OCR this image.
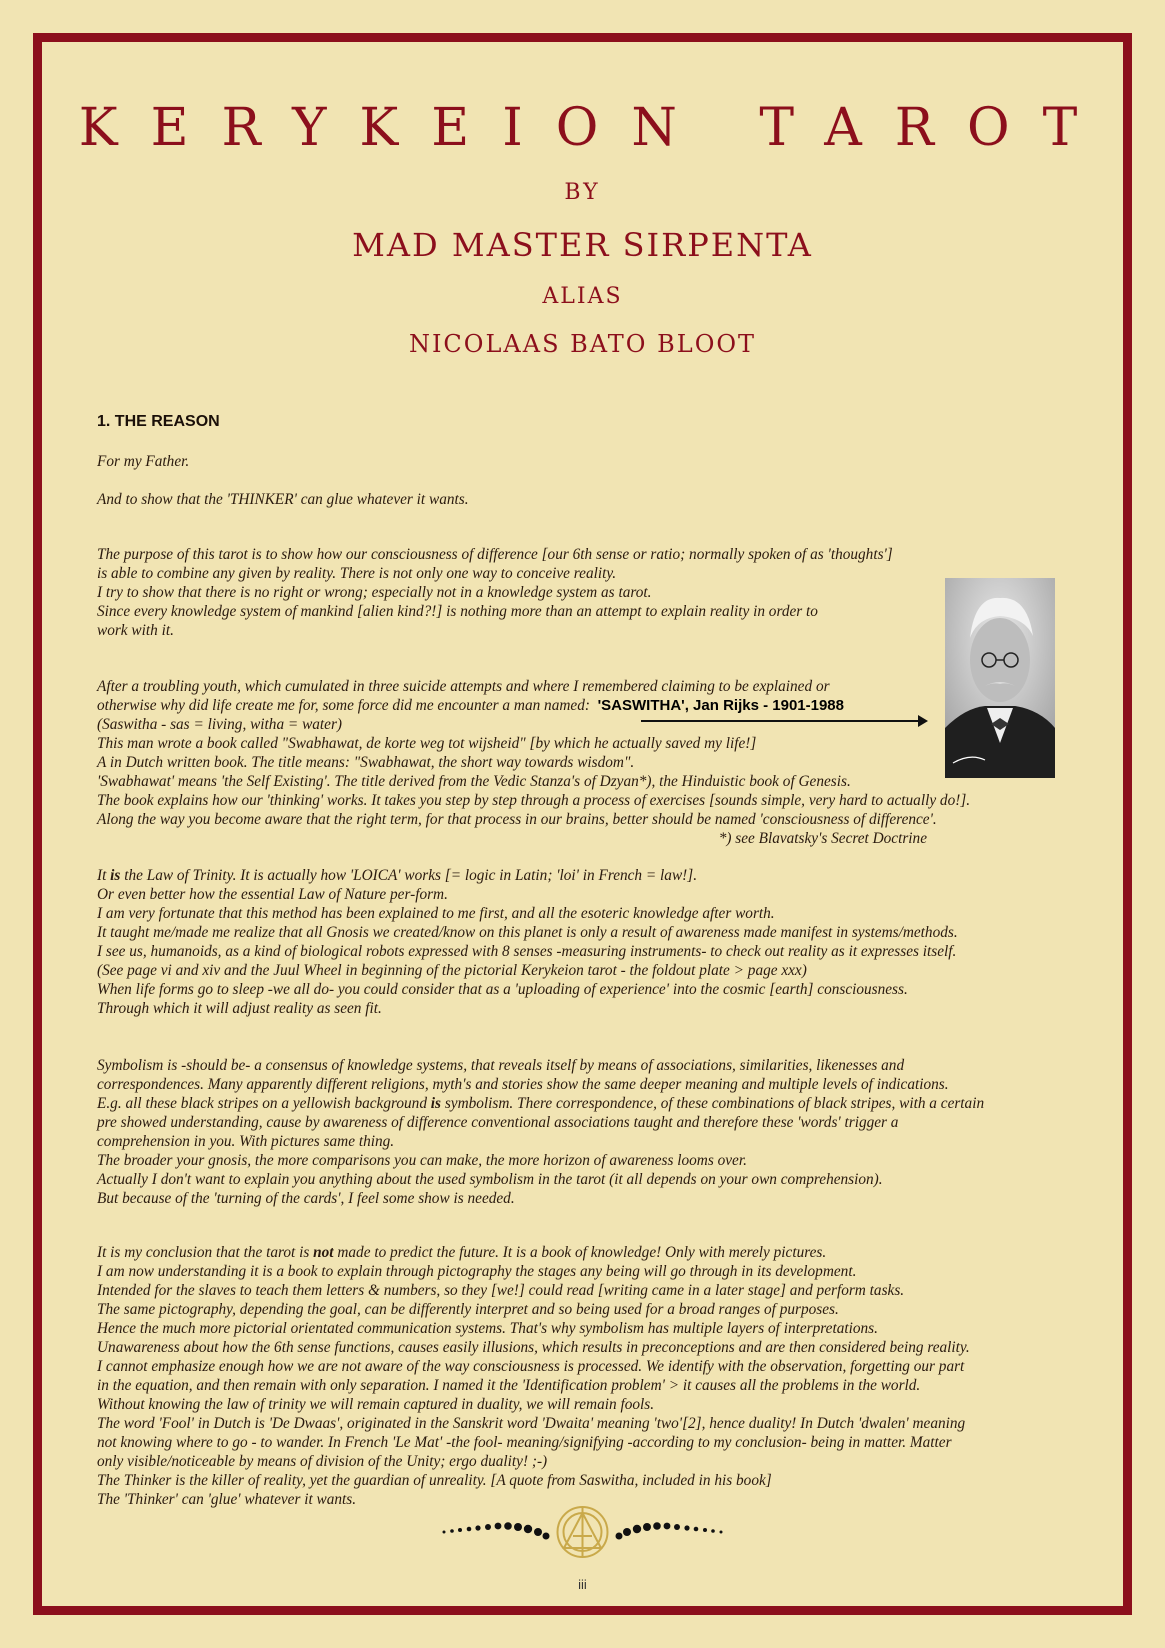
KERYKEION TAROT
BY
MAD MASTER SIRPENTA
ALIAS
NICOLAAS BATO BLOOT
1. THE REASON
For my Father.
And to show that the 'THINKER' can glue whatever it wants.
The purpose of this tarot is to show how our consciousness of difference [our 6th sense or ratio; normally spoken of as 'thoughts']
is able to combine any given by reality. There is not only one way to conceive reality.
I try to show that there is no right or wrong; especially not in a knowledge system as tarot.
Since every knowledge system of mankind [alien kind?!] is nothing more than an attempt to explain reality in order to
work with it.
After a troubling youth, which cumulated in three suicide attempts and where I remembered claiming to be explained or
otherwise why did life create me for, some force did me encounter a man named: 'SASWITHA', Jan Rijks - 1901-1988
(Saswitha - sas = living, witha = water)
This man wrote a book called "Swabhawat, de korte weg tot wijsheid" [by which he actually saved my life!]
A in Dutch written book. The title means: "Swabhawat, the short way towards wisdom".
'Swabhawat' means 'the Self Existing'. The title derived from the Vedic Stanza's of Dzyan*), the Hinduistic book of Genesis.
The book explains how our 'thinking' works. It takes you step by step through a process of exercises [sounds simple, very hard to actually do!].
Along the way you become aware that the right term, for that process in our brains, better should be named 'consciousness of difference'.
*) see Blavatsky's Secret Doctrine
It is the Law of Trinity. It is actually how 'LOICA' works [= logic in Latin; 'loi' in French = law!].
Or even better how the essential Law of Nature per-form.
I am very fortunate that this method has been explained to me first, and all the esoteric knowledge after worth.
It taught me/made me realize that all Gnosis we created/know on this planet is only a result of awareness made manifest in systems/methods.
I see us, humanoids, as a kind of biological robots expressed with 8 senses -measuring instruments- to check out reality as it expresses itself.
(See page vi and xiv and the Juul Wheel in beginning of the pictorial Kerykeion tarot - the foldout plate > page xxx)
When life forms go to sleep -we all do- you could consider that as a 'uploading of experience' into the cosmic [earth] consciousness.
Through which it will adjust reality as seen fit.
Symbolism is -should be- a consensus of knowledge systems, that reveals itself by means of associations, similarities, likenesses and
correspondences. Many apparently different religions, myth's and stories show the same deeper meaning and multiple levels of indications.
E.g. all these black stripes on a yellowish background is symbolism. There correspondence, of these combinations of black stripes, with a certain
pre showed understanding, cause by awareness of difference conventional associations taught and therefore these 'words' trigger a
comprehension in you. With pictures same thing.
The broader your gnosis, the more comparisons you can make, the more horizon of awareness looms over.
Actually I don't want to explain you anything about the used symbolism in the tarot (it all depends on your own comprehension).
But because of the 'turning of the cards', I feel some show is needed.
It is my conclusion that the tarot is not made to predict the future. It is a book of knowledge! Only with merely pictures.
I am now understanding it is a book to explain through pictography the stages any being will go through in its development.
Intended for the slaves to teach them letters & numbers, so they [we!] could read [writing came in a later stage] and perform tasks.
The same pictography, depending the goal, can be differently interpret and so being used for a broad ranges of purposes.
Hence the much more pictorial orientated communication systems. That's why symbolism has multiple layers of interpretations.
Unawareness about how the 6th sense functions, causes easily illusions, which results in preconceptions and are then considered being reality.
I cannot emphasize enough how we are not aware of the way consciousness is processed. We identify with the observation, forgetting our part
in the equation, and then remain with only separation. I named it the 'Identification problem' > it causes all the problems in the world.
Without knowing the law of trinity we will remain captured in duality, we will remain fools.
The word 'Fool' in Dutch is 'De Dwaas', originated in the Sanskrit word 'Dwaita' meaning 'two'[2], hence duality! In Dutch 'dwalen' meaning
not knowing where to go - to wander. In French 'Le Mat' -the fool- meaning/signifying -according to my conclusion- being in matter. Matter
only visible/noticeable by means of division of the Unity; ergo duality! ;-)
The Thinker is the killer of reality, yet the guardian of unreality. [A quote from Saswitha, included in his book]
The 'Thinker' can 'glue' whatever it wants.
iii
